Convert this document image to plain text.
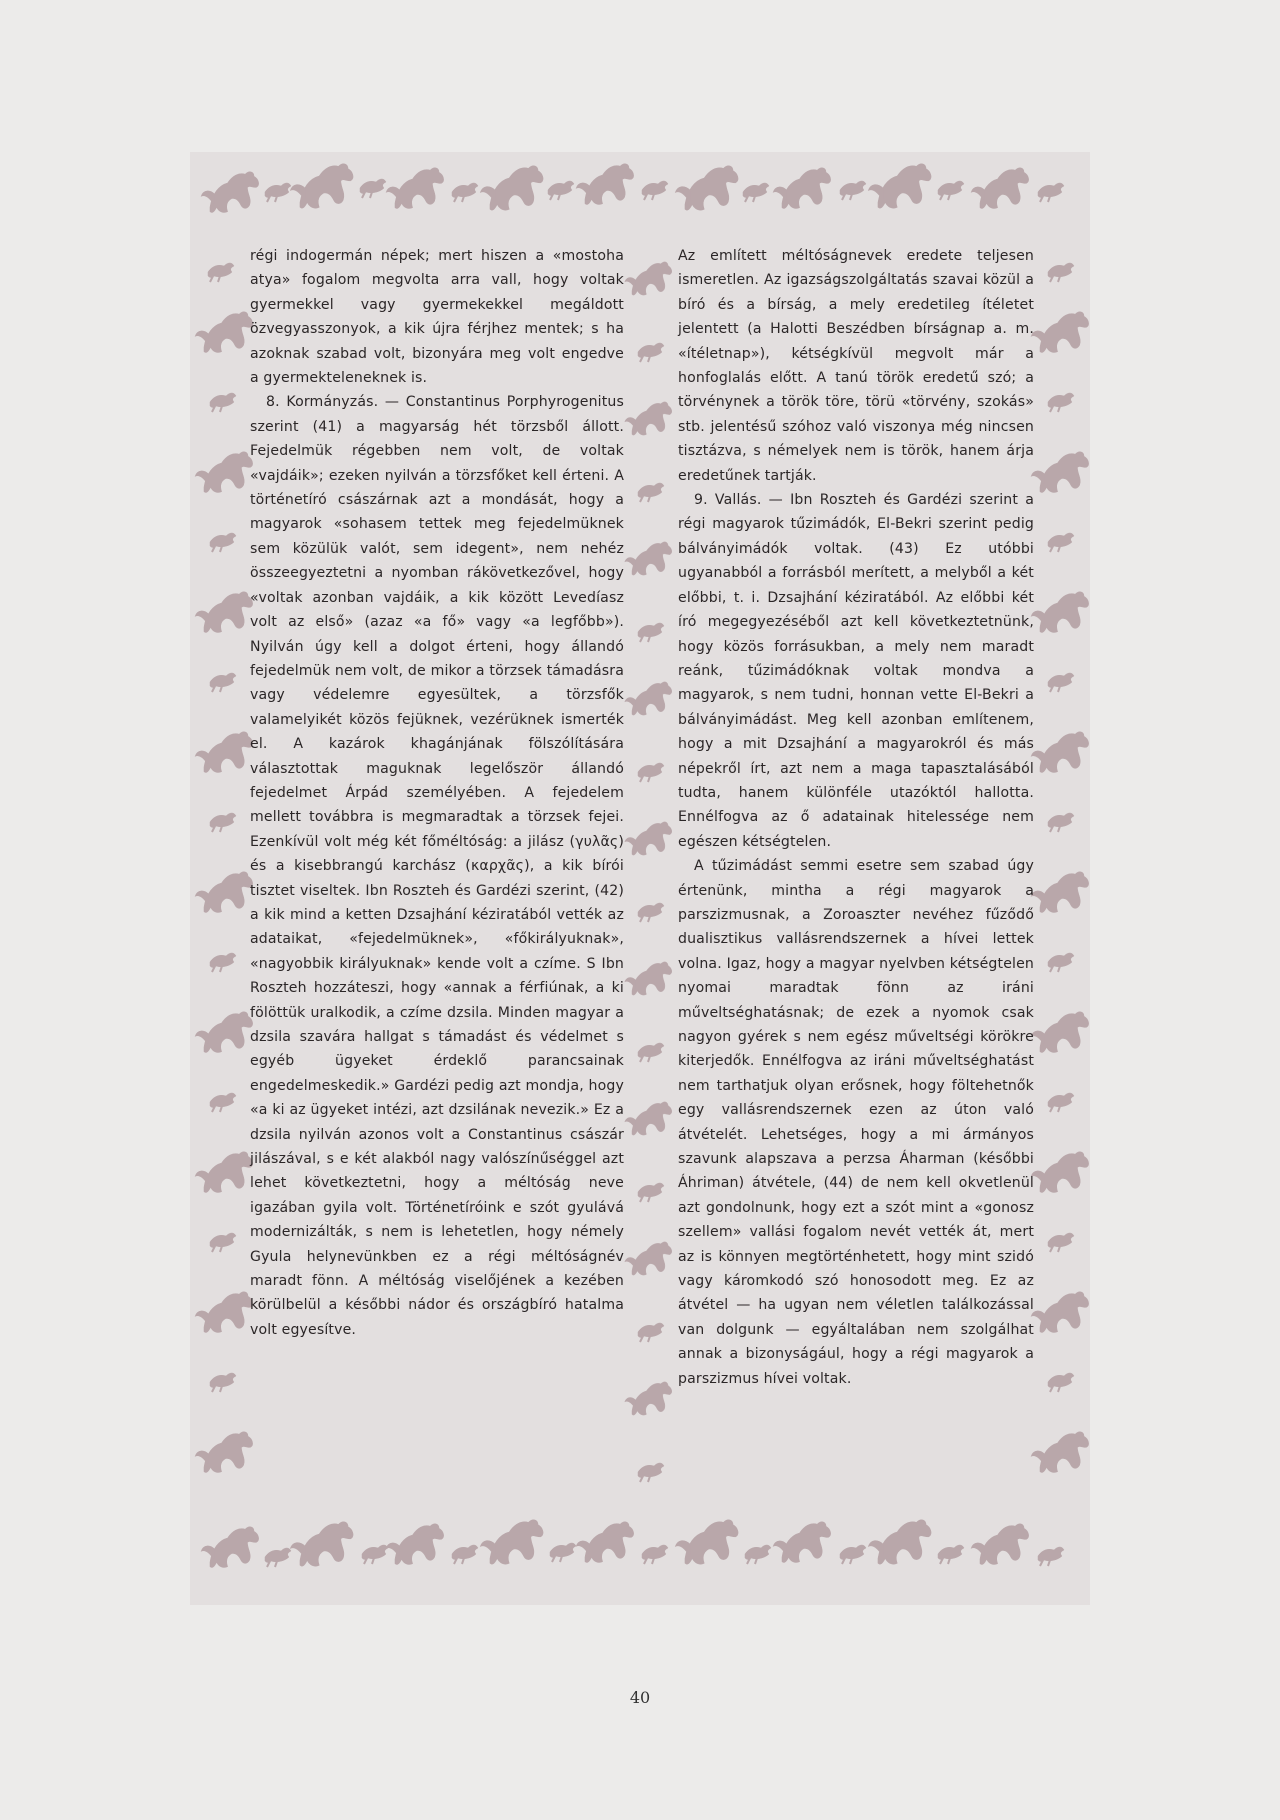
régi indogermán népek; mert hiszen a «mostoha atya» fogalom megvolta arra vall, hogy voltak gyermekkel vagy gyermekekkel megáldott özvegyasszonyok, a kik újra férjhez mentek; s ha azoknak szabad volt, bizonyára meg volt engedve a gyermekteleneknek is.

8. Kormányzás. — Constantinus Porphyrogenitus szerint (41) a magyarság hét törzsből állott. Fejedelmük régebben nem volt, de voltak «vajdáik»; ezeken nyilván a törzsfőket kell érteni. A történetíró császárnak azt a mondását, hogy a magyarok «sohasem tettek meg fejedelmüknek sem közülük valót, sem idegent», nem nehéz összeegyeztetni a nyomban rákövetkezővel, hogy «voltak azonban vajdáik, a kik között Levedíasz volt az első» (azaz «a fő» vagy «a legfőbb»). Nyilván úgy kell a dolgot érteni, hogy állandó fejedelmük nem volt, de mikor a törzsek támadásra vagy védelemre egyesültek, a törzsfők valamelyikét közös fejüknek, vezérüknek ismerték el. A kazárok khagánjának fölszólítására választottak maguknak legelőször állandó fejedelmet Árpád személyében. A fejedelem mellett továbbra is megmaradtak a törzsek fejei. Ezenkívül volt még két főméltóság: a jilász (γυλᾶς) és a kisebbrangú karchász (καρχᾶς), a kik bírói tisztet viseltek. Ibn Roszteh és Gardézi szerint, (42) a kik mind a ketten Dzsajhání kéziratából vették az adataikat, «fejedelmüknek», «főkirályuknak», «nagyobbik királyuknak» kende volt a czíme. S Ibn Roszteh hozzáteszi, hogy «annak a férfiúnak, a ki fölöttük uralkodik, a czíme dzsila. Minden magyar a dzsila szavára hallgat s támadást és védelmet s egyéb ügyeket érdeklő parancsainak engedelmeskedik.» Gardézi pedig azt mondja, hogy «a ki az ügyeket intézi, azt dzsilának nevezik.» Ez a dzsila nyilván azonos volt a Constantinus császár jilászával, s e két alakból nagy valószínűséggel azt lehet következtetni, hogy a méltóság neve igazában gyila volt. Történetíróink e szót gyulává modernizálták, s nem is lehetetlen, hogy némely Gyula helynevünkben ez a régi méltóságnév maradt fönn. A méltóság viselőjének a kezében körülbelül a későbbi nádor és országbíró hatalma volt egyesítve.

Az említett méltóságnevek eredete teljesen ismeretlen. Az igazságszolgáltatás szavai közül a bíró és a bírság, a mely eredetileg ítéletet jelentett (a Halotti Beszédben bírságnap a. m. «ítéletnap»), kétségkívül megvolt már a honfoglalás előtt. A tanú török eredetű szó; a törvénynek a török töre, törü «törvény, szokás» stb. jelentésű szóhoz való viszonya még nincsen tisztázva, s némelyek nem is török, hanem árja eredetűnek tartják.

9. Vallás. — Ibn Roszteh és Gardézi szerint a régi magyarok tűzimádók, El-Bekri szerint pedig bálványimádók voltak. (43) Ez utóbbi ugyanabból a forrásból merített, a melyből a két előbbi, t. i. Dzsajhání kéziratából. Az előbbi két író megegyezéséből azt kell következtetnünk, hogy közös forrásukban, a mely nem maradt reánk, tűzimádóknak voltak mondva a magyarok, s nem tudni, honnan vette El-Bekri a bálványimádást. Meg kell azonban említenem, hogy a mit Dzsajhání a magyarokról és más népekről írt, azt nem a maga tapasztalásából tudta, hanem különféle utazóktól hallotta. Ennélfogva az ő adatainak hitelessége nem egészen kétségtelen.

A tűzimádást semmi esetre sem szabad úgy értenünk, mintha a régi magyarok a parszizmusnak, a Zoroaszter nevéhez fűződő dualisztikus vallásrendszernek a hívei lettek volna. Igaz, hogy a magyar nyelvben kétségtelen nyomai maradtak fönn az iráni műveltséghatásnak; de ezek a nyomok csak nagyon gyérek s nem egész műveltségi körökre kiterjedők. Ennélfogva az iráni műveltséghatást nem tarthatjuk olyan erősnek, hogy föltehetnők egy vallásrendszernek ezen az úton való átvételét. Lehetséges, hogy a mi ármányos szavunk alapszava a perzsa Áharman (későbbi Áhriman) átvétele, (44) de nem kell okvetlenül azt gondolnunk, hogy ezt a szót mint a «gonosz szellem» vallási fogalom nevét vették át, mert az is könnyen megtörténhetett, hogy mint szidó vagy káromkodó szó honosodott meg. Ez az átvétel — ha ugyan nem véletlen találkozással van dolgunk — egyáltalában nem szolgálhat annak a bizonyságául, hogy a régi magyarok a parszizmus hívei voltak.

40
